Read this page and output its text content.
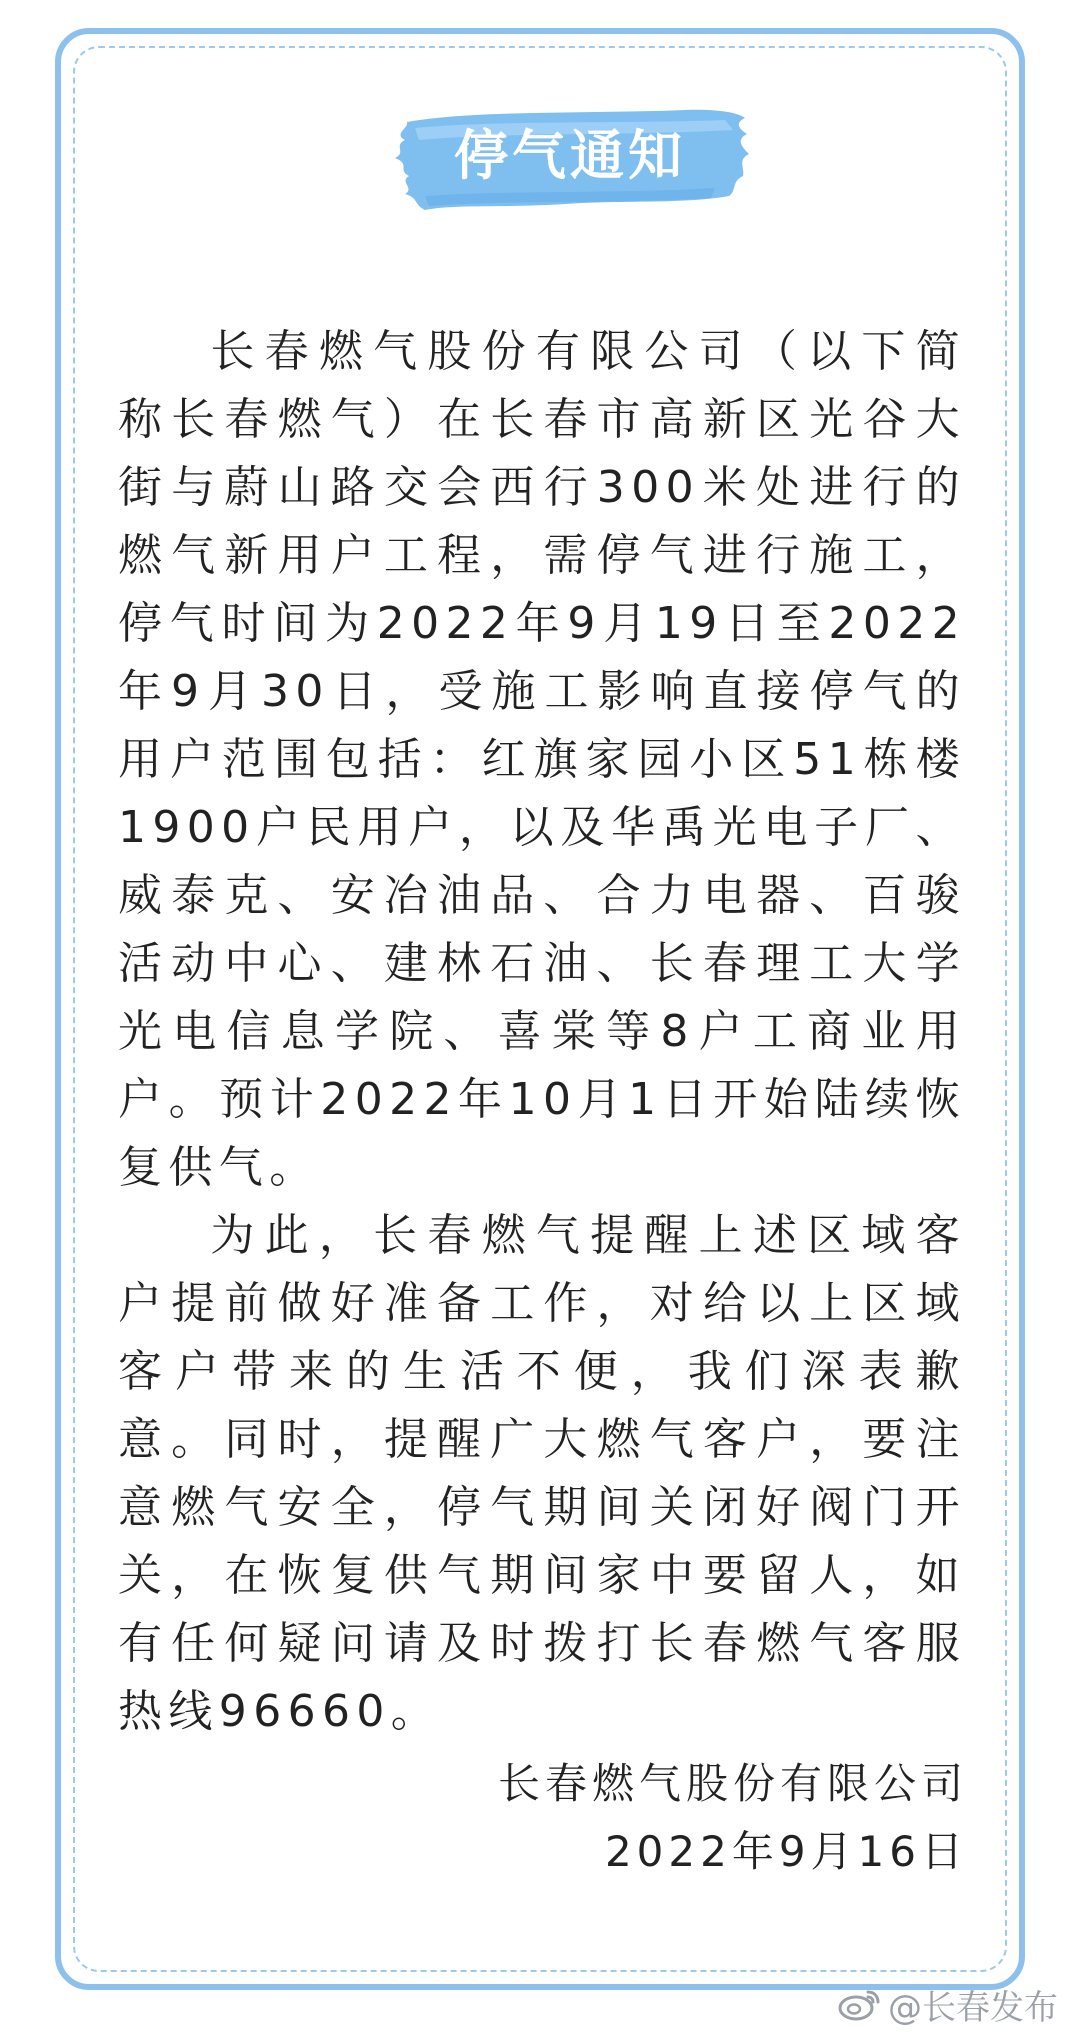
停气通知

长春燃气股份有限公司（以下简称长春燃气）在长春市高新区光谷大街与蔚山路交会西行300米处进行的燃气新用户工程，需停气进行施工，停气时间为2022年9月19日至2022年9月30日，受施工影响直接停气的用户范围包括：红旗家园小区51栋楼1900户民用户，以及华禹光电子厂、威泰克、安冶油品、合力电器、百骏活动中心、建林石油、长春理工大学光电信息学院、喜棠等8户工商业用户。预计2022年10月1日开始陆续恢复供气。

为此，长春燃气提醒上述区域客户提前做好准备工作，对给以上区域客户带来的生活不便，我们深表歉意。同时，提醒广大燃气客户，要注意燃气安全，停气期间关闭好阀门开关，在恢复供气期间家中要留人，如有任何疑问请及时拨打长春燃气客服热线96660。

长春燃气股份有限公司
2022年9月16日
@长春发布
